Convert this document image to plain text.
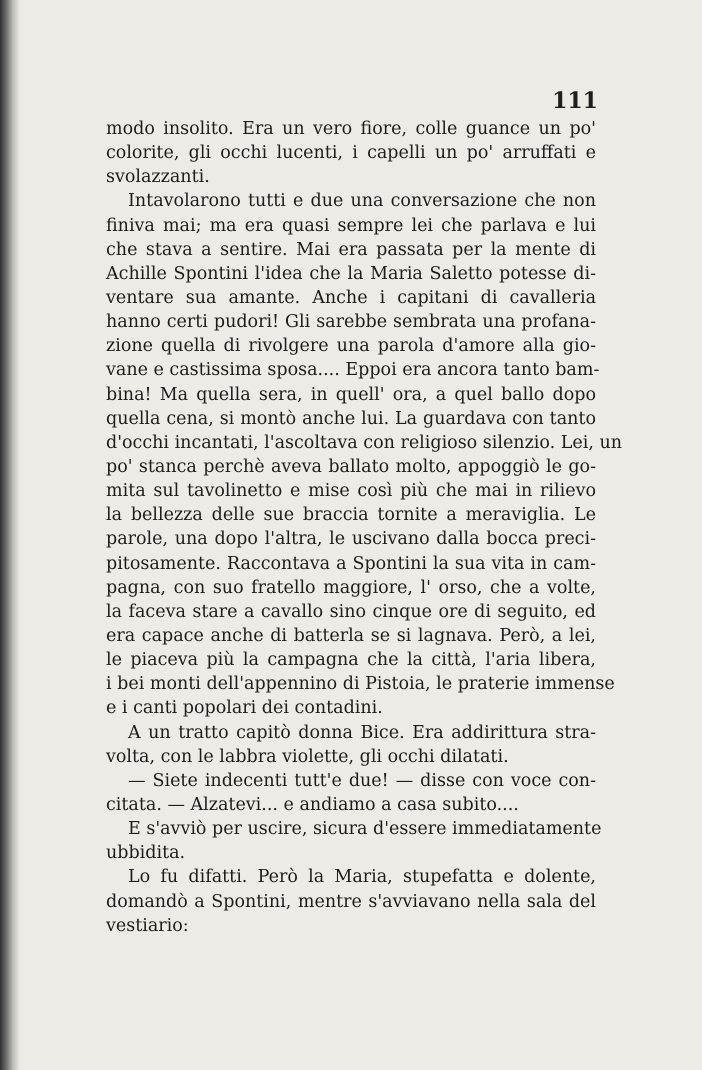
111
modo insolito. Era un vero fiore, colle guance un po'
colorite, gli occhi lucenti, i capelli un po' arruffati e
svolazzanti.
Intavolarono tutti e due una conversazione che non
finiva mai; ma era quasi sempre lei che parlava e lui
che stava a sentire. Mai era passata per la mente di
Achille Spontini l'idea che la Maria Saletto potesse di-
ventare sua amante. Anche i capitani di cavalleria
hanno certi pudori! Gli sarebbe sembrata una profana-
zione quella di rivolgere una parola d'amore alla gio-
vane e castissima sposa.... Eppoi era ancora tanto bam-
bina! Ma quella sera, in quell' ora, a quel ballo dopo
quella cena, si montò anche lui. La guardava con tanto
d'occhi incantati, l'ascoltava con religioso silenzio. Lei, un
po' stanca perchè aveva ballato molto, appoggiò le go-
mita sul tavolinetto e mise così più che mai in rilievo
la bellezza delle sue braccia tornite a meraviglia. Le
parole, una dopo l'altra, le uscivano dalla bocca preci-
pitosamente. Raccontava a Spontini la sua vita in cam-
pagna, con suo fratello maggiore, l' orso, che a volte,
la faceva stare a cavallo sino cinque ore di seguito, ed
era capace anche di batterla se si lagnava. Però, a lei,
le piaceva più la campagna che la città, l'aria libera,
i bei monti dell'appennino di Pistoia, le praterie immense
e i canti popolari dei contadini.
A un tratto capitò donna Bice. Era addirittura stra-
volta, con le labbra violette, gli occhi dilatati.
— Siete indecenti tutt'e due! — disse con voce con-
citata. — Alzatevi... e andiamo a casa subito....
E s'avviò per uscire, sicura d'essere immediatamente
ubbidita.
Lo fu difatti. Però la Maria, stupefatta e dolente,
domandò a Spontini, mentre s'avviavano nella sala del
vestiario:
